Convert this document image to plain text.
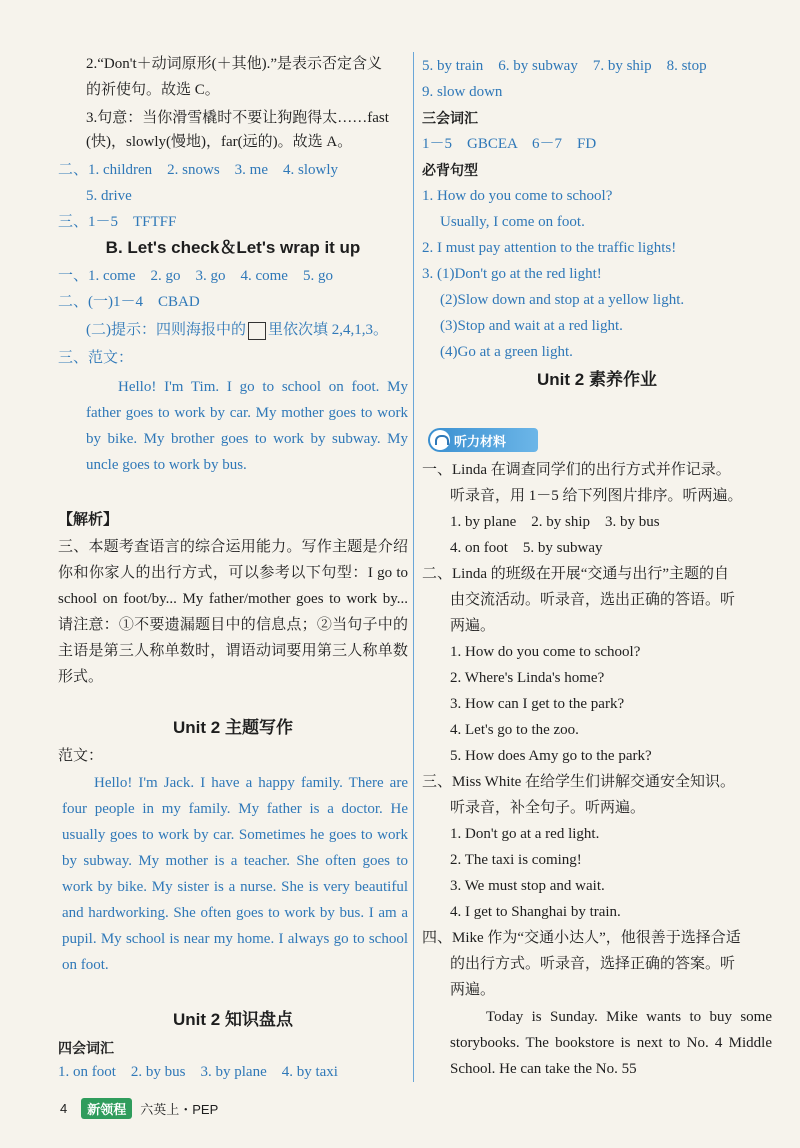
2.“Don't＋动词原形(＋其他).”是表示否定含义
的祈使句。故选 C。
3.句意：当你滑雪橇时不要让狗跑得太……fast
(快)，slowly(慢地)，far(远的)。故选 A。
二、1. children　2. snows　3. me　4. slowly
5. drive
三、1－5　TFTFF
B. Let's check＆Let's wrap it up
一、1. come　2. go　3. go　4. come　5. go
二、(一)1－4　CBAD
(二)提示：四则海报中的 里依次填 2,4,1,3。
三、范文：
Hello! I'm Tim. I go to school on foot. My father goes to work by car. My mother goes to work by bike. My brother goes to work by subway. My uncle goes to work by bus.
【解析】
三、本题考查语言的综合运用能力。写作主题是介绍你和你家人的出行方式，可以参考以下句型：I go to school on foot/by... My father/mother goes to work by... 请注意：①不要遗漏题目中的信息点；②当句子中的主语是第三人称单数时，谓语动词要用第三人称单数形式。
Unit 2 主题写作
范文：
Hello! I'm Jack. I have a happy family. There are four people in my family. My father is a doctor. He usually goes to work by car. Sometimes he goes to work by subway. My mother is a teacher. She often goes to work by bike. My sister is a nurse. She is very beautiful and hardworking. She often goes to work by bus. I am a pupil. My school is near my home. I always go to school on foot.
Unit 2 知识盘点
四会词汇
1. on foot　2. by bus　3. by plane　4. by taxi
5. by train　6. by subway　7. by ship　8. stop
9. slow down
三会词汇
1－5　GBCEA　6－7　FD
必背句型
1. How do you come to school?
Usually, I come on foot.
2. I must pay attention to the traffic lights!
3. (1)Don't go at the red light!
(2)Slow down and stop at a yellow light.
(3)Stop and wait at a red light.
(4)Go at a green light.
Unit 2 素养作业
一、Linda 在调查同学们的出行方式并作记录。
听录音，用 1－5 给下列图片排序。听两遍。
1. by plane　2. by ship　3. by bus
4. on foot　5. by subway
二、Linda 的班级在开展“交通与出行”主题的自
由交流活动。听录音，选出正确的答语。听
两遍。
1. How do you come to school?
2. Where's Linda's home?
3. How can I get to the park?
4. Let's go to the zoo.
5. How does Amy go to the park?
三、Miss White 在给学生们讲解交通安全知识。
听录音，补全句子。听两遍。
1. Don't go at a red light.
2. The taxi is coming!
3. We must stop and wait.
4. I get to Shanghai by train.
四、Mike 作为“交通小达人”，他很善于选择合适
的出行方式。听录音，选择正确的答案。听
两遍。
Today is Sunday. Mike wants to buy some storybooks. The bookstore is next to No. 4 Middle School. He can take the No. 55
听力材料
4	新领程	六英上・PEP
